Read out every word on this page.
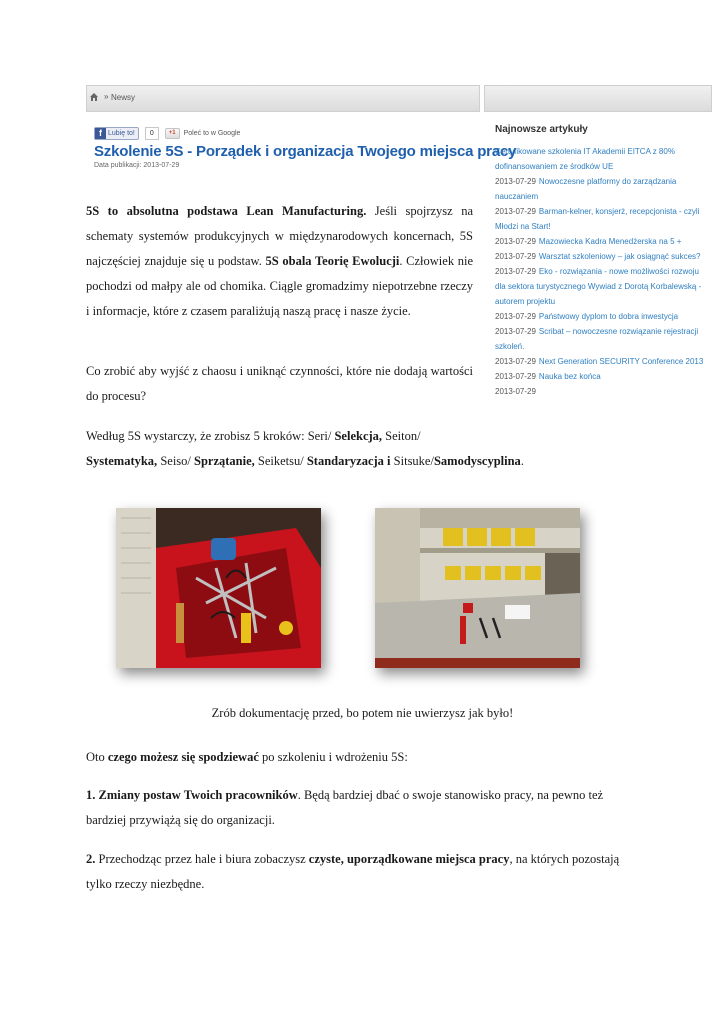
» Newsy
f Lubię to!	0	+1	Poleć to w Google
Szkolenie 5S - Porządek i organizacja Twojego miejsca pracy
Data publikacji: 2013-07-29
Najnowsze artykuły
Certyfikowane szkolenia IT Akademii EITCA z 80% dofinansowaniem ze środków UE
2013-07-29 Nowoczesne platformy do zarządzania nauczaniem
2013-07-29 Barman-kelner, konsjerż, recepcjonista - czyli Młodzi na Start!
2013-07-29 Mazowiecka Kadra Menedżerska na 5 +
2013-07-29 Warsztat szkoleniowy – jak osiągnąć sukces?
2013-07-29 Eko - rozwiązania - nowe możliwości rozwoju dla sektora turystycznego Wywiad z Dorotą Korbalewską - autorem projektu
2013-07-29 Państwowy dyplom to dobra inwestycja
2013-07-29 Scribat – nowoczesne rozwiązanie rejestracji szkoleń.
2013-07-29 Next Generation SECURITY Conference 2013
2013-07-29 Nauka bez końca
2013-07-29
5S to absolutna podstawa Lean Manufacturing. Jeśli spojrzysz na schematy systemów produkcyjnych w międzynarodowych koncernach, 5S najczęściej znajduje się u podstaw. 5S obala Teorię Ewolucji. Człowiek nie pochodzi od małpy ale od chomika. Ciągle gromadzimy niepotrzebne rzeczy i informacje, które z czasem paraliżują naszą pracę i nasze życie.
Co zrobić aby wyjść z chaosu i uniknąć czynności, które nie dodają wartości do procesu?
Według 5S wystarczy, że zrobisz 5 kroków: Seri/ Selekcja, Seiton/
Systematyka, Seiso/ Sprzątanie, Seiketsu/ Standaryzacja i Sitsuke/Samodyscyplina.
Zrób dokumentację przed, bo potem nie uwierzysz jak było!
Oto czego możesz się spodziewać po szkoleniu i wdrożeniu 5S:
1. Zmiany postaw Twoich pracowników. Będą bardziej dbać o swoje stanowisko pracy, na pewno też bardziej przywiążą się do organizacji.
2. Przechodząc przez hale i biura zobaczysz czyste, uporządkowane miejsca pracy, na których pozostają tylko rzeczy niezbędne.
